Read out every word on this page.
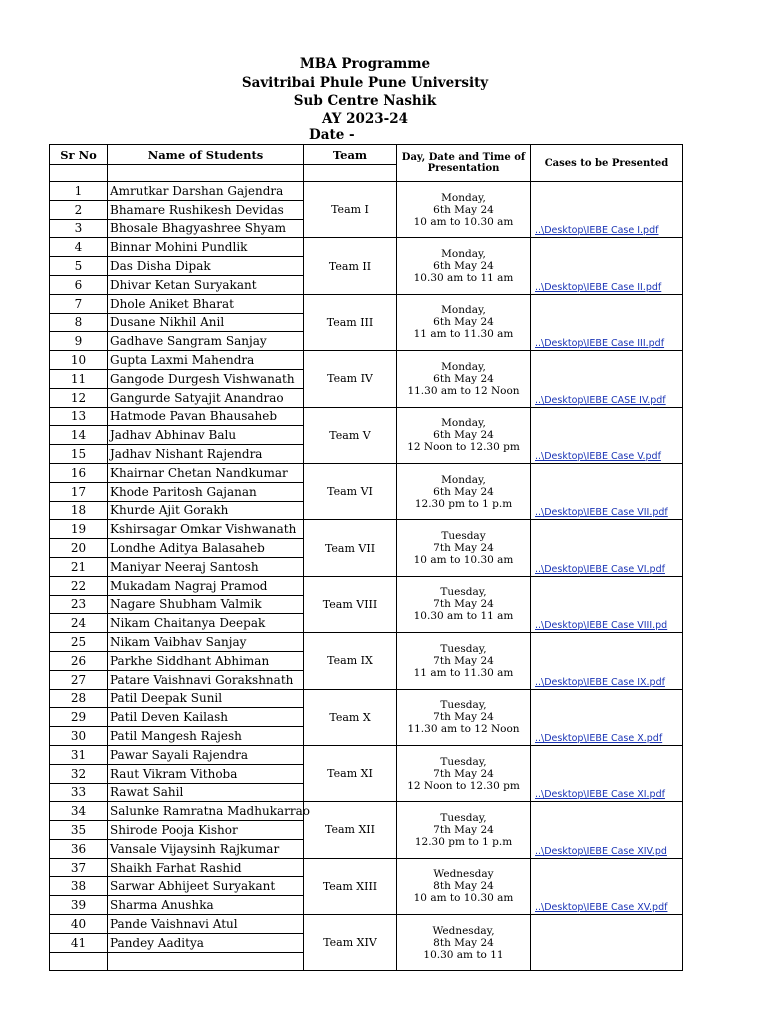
MBA Programme
Savitribai Phule Pune University
Sub Centre Nashik
AY 2023-24
Date -
Sr No	Name of Students	Team	Day, Date and Time of Presentation	Cases to be Presented

1	Amrutkar Darshan Gajendra	Team I	Monday,
6th May 24
10 am to 10.30 am	..\Desktop\IEBE Case I.pdf
2	Bhamare Rushikesh Devidas			
3	Bhosale Bhagyashree Shyam			
4	Binnar Mohini Pundlik	Team II	Monday,
6th May 24
10.30 am to 11 am	..\Desktop\IEBE Case II.pdf
5	Das Disha Dipak			
6	Dhivar Ketan Suryakant			
7	Dhole Aniket Bharat	Team III	Monday,
6th May 24
11 am to 11.30 am	..\Desktop\IEBE Case III.pdf
8	Dusane Nikhil Anil			
9	Gadhave Sangram Sanjay			
10	Gupta Laxmi Mahendra	Team IV	Monday,
6th May 24
11.30 am to 12 Noon	..\Desktop\IEBE CASE IV.pdf
11	Gangode Durgesh Vishwanath			
12	Gangurde Satyajit Anandrao			
13	Hatmode Pavan Bhausaheb	Team V	Monday,
6th May 24
12 Noon to 12.30 pm	..\Desktop\IEBE Case V.pdf
14	Jadhav Abhinav Balu			
15	Jadhav Nishant Rajendra			
16	Khairnar Chetan Nandkumar	Team VI	Monday,
6th May 24
12.30 pm to 1 p.m	..\Desktop\IEBE Case VII.pdf
17	Khode Paritosh Gajanan			
18	Khurde Ajit Gorakh			
19	Kshirsagar Omkar Vishwanath	Team VII	Tuesday
7th May 24
10 am to 10.30 am	..\Desktop\IEBE Case VI.pdf
20	Londhe Aditya Balasaheb			
21	Maniyar Neeraj Santosh			
22	Mukadam Nagraj Pramod	Team VIII	Tuesday,
7th May 24
10.30 am to 11 am	..\Desktop\IEBE Case VIII.pd
23	Nagare Shubham Valmik			
24	Nikam Chaitanya Deepak			
25	Nikam Vaibhav Sanjay	Team IX	Tuesday,
7th May 24
11 am to 11.30 am	..\Desktop\IEBE Case IX.pdf
26	Parkhe Siddhant Abhiman			
27	Patare Vaishnavi Gorakshnath			
28	Patil Deepak Sunil	Team X	Tuesday,
7th May 24
11.30 am to 12 Noon	..\Desktop\IEBE Case X.pdf
29	Patil Deven Kailash			
30	Patil Mangesh Rajesh			
31	Pawar Sayali Rajendra	Team XI	Tuesday,
7th May 24
12 Noon to 12.30 pm	..\Desktop\IEBE Case XI.pdf
32	Raut Vikram Vithoba			
33	Rawat Sahil			
34	Salunke Ramratna Madhukarrao	Team XII	Tuesday,
7th May 24
12.30 pm to 1 p.m	..\Desktop\IEBE Case XIV.pd
35	Shirode Pooja Kishor			
36	Vansale Vijaysinh Rajkumar			
37	Shaikh Farhat Rashid	Team XIII	Wednesday
8th May 24
10 am to 10.30 am	..\Desktop\IEBE Case XV.pdf
38	Sarwar Abhijeet Suryakant			
39	Sharma Anushka			
40	Pande Vaishnavi Atul	Team XIV	Wednesday,
8th May 24
10.30 am to 11	

41	Pandey Aaditya			
